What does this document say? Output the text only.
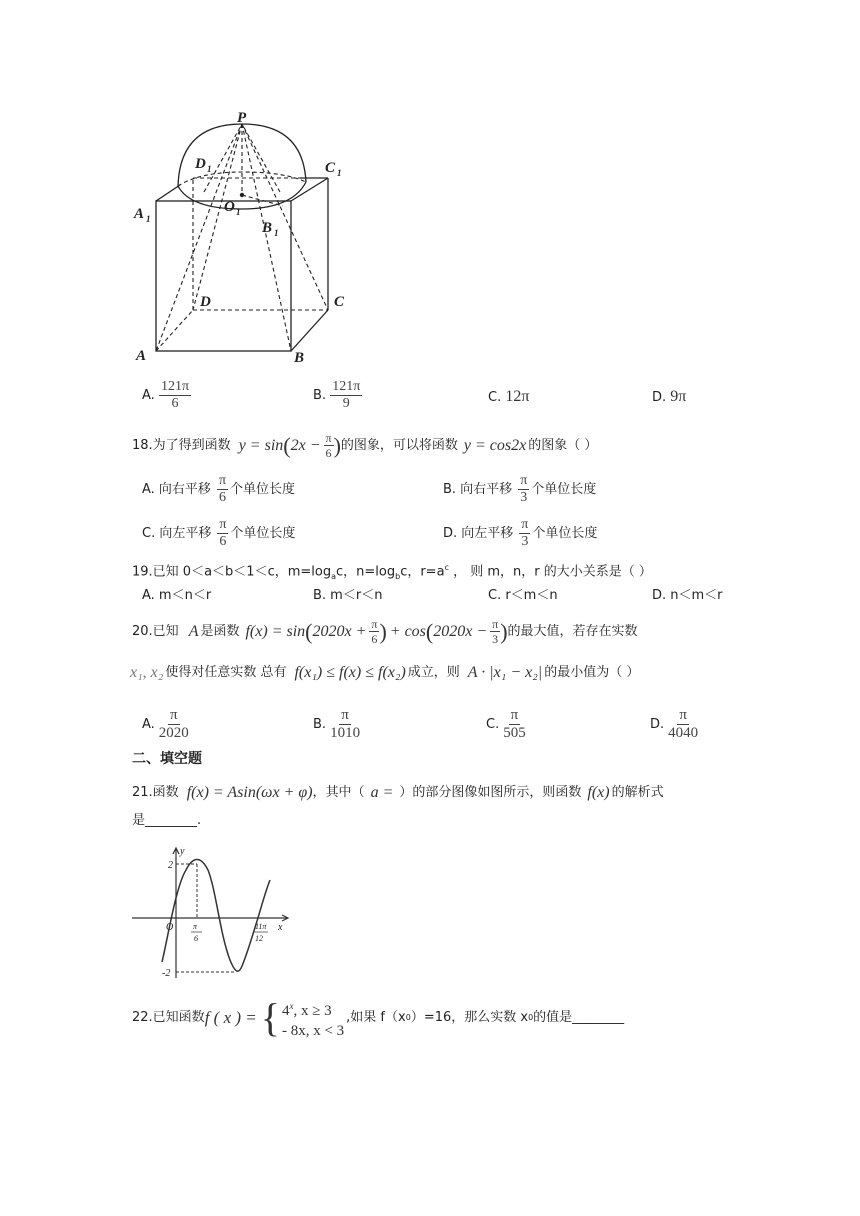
P
D 1	C 1
A 1
O 1
B 1
D	C
A	B
A. $\frac{121\pi}{6}$	B. $\frac{121\pi}{9}$	C. 12π	D. 9π
18.为了得到函数 y = sin ( $2x - \frac{\pi}{6}$ ) 的图象，可以将函数 y = cos2x 的图象（ ）
A. 向右平移 $\frac{\pi}{6}$ 个单位长度	B. 向右平移 $\frac{\pi}{3}$ 个单位长度
C. 向左平移 $\frac{\pi}{6}$ 个单位长度	D. 向左平移 $\frac{\pi}{3}$ 个单位长度
19.已知 0＜a＜b＜1＜c，$m=\log_ac$，$n=\log_bc$，$r=a^c$ ， 则 m，n，r 的大小关系是（ ）
A. m＜n＜r	B. m＜r＜n	C. r＜m＜n	D. n＜m＜r
20.已知 A 是函数 f(x) = sin ( $2020x + \frac{\pi}{6}$ ) + cos ( $2020x - \frac{\pi}{3}$ ) 的最大值，若存在实数
x₁, x₂ 使得对任意实数 总有 f(x₁) ≤ f(x) ≤ f(x₂) 成立，则 A · |x₁ − x₂| 的最小值为（ ）
A. $\frac{\pi}{2020}$	B. $\frac{\pi}{1010}$	C. $\frac{\pi}{505}$	D. $\frac{\pi}{4040}$
二、填空题
21.函数 f(x) = Asin(ωx + φ) ，其中（ a = ）的部分图像如图所示，则函数 f(x) 的解析式
是________.
y
x
O
2
-2
π
6
11π
12
22.已知函数 f ( x ) = { 4$^x$, x ≥ 3
- 8x, x < 3
,如果 f（x 0 ）=16，那么实数 x 0 的值是________
